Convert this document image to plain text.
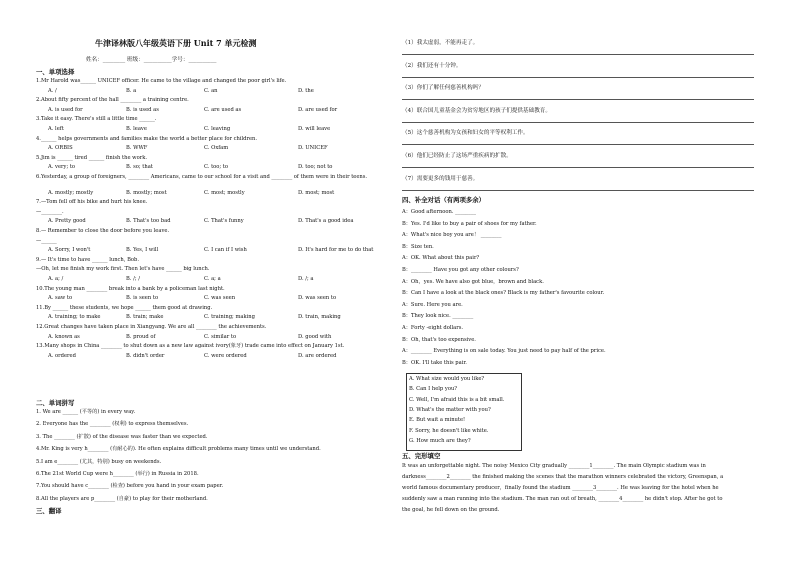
牛津译林版八年级英语下册 Unit 7 单元检测
姓名：________ 班级：__________学号：__________
一、单项选择
1.Mr Harold was______ UNICEF officer. He came to the village and changed the poor girl's life.
A. /	B. a	C. an	D. the
2.About fifty percent of the hall ________ a training centre.
A. is used for	B. is used as	C. are used as	D. are used for
3.Take it easy. There's still a little time ______.
A. left	B. leave	C. leaving	D. will leave
4.______ helps governments and families make the world a better place for children.
A. ORBIS	B. WWF	C. Oxfam	D. UNICEF
5.Jim is ______ tired ______ finish the work.
A. very; to	B. so; that	C. too; to	D. too; not to
6.Yesterday, a group of foreigners, ________ Americans, came to our school for a visit and ________ of them were in their teens.
A. mostly; mostly	B. mostly; most	C. most; mostly	D. most; most
7.—Tom fell off his bike and hurt his knee.
—________.
A. Pretty good	B. That's too bad	C. That's funny	D. That's a good idea
8.— Remember to close the door before you leave.
—______
A. Sorry, I won't	B. Yes, I will	C. I can if I wish	D. It's hard for me to do that
9.— It's time to have ______ lunch, Bob.
—Oh, let me finish my work first. Then let's have ______ big lunch.
A. a; /	B. /; /	C. a; a	D. /; a
10.The young man ________ break into a bank by a policeman last night.
A. saw to	B. is seen to	C. was seen	D. was seen to
11.By ______ these students, we hope ______ them good at drawing.
A. training; to make	B. train; make	C. training; making	D. train, making
12.Great changes have taken place in Xiangyang. We are all ________ the achievements.
A. known as	B. proud of	C. similar to	D. good with
13.Many shops in China ________ to shut down as a new law against ivory(象牙) trade came into effect on January 1st.
A. ordered	B. didn't order	C. were ordered	D. are ordered
二、单词拼写
1. We are ______ (平等的) in every way.
2. Everyone has the ________ (权利) to express themselves.
3. The ________ (扩散) of the disease was faster than we expected.
4.Mr. King is very h________ (有耐心的). He often explains difficult problems many times until we understand.
5.I am e________ (尤其，特别) busy on weekends.
6.The 21st World Cup were h________ (举行) in Russia in 2018.
7.You should have c________ (检查) before you hand in your exam paper.
8.All the players are p________ (自豪) to play for their motherland.
三、翻译
（1）我太虚弱，不能再走了。
（2）我们还有十分钟。
（3）你们了解任何慈善机构吗？
（4）联合国儿童基金会为贫穷地区的孩子们提供基础教育。
（5）这个慈善机构为女孩和妇女的平等权利工作。
（6）他们已经防止了这场严重疾病的扩散。
（7）需要更多的钱用于慈善。
四、补全对话（有两项多余）
A：Good afternoon. ________
B：Yes. I'd like to buy a pair of shoes for my father.
A：What's nice boy you are！ ________
B：Size ten.
A：OK. What about this pair?
B：________ Have you got any other colours?
A：Oh，yes. We have also got blue，brown and black.
B：Can I have a look at the black ones? Black is my father's favourite colour.
A：Sure. Here you are.
B：They look nice. ________
A：Forty -eight dollars.
B：Oh, that's too expensive.
A：________ Everything is on sale today. You just need to pay half of the price.
B：OK. I'll take this pair.
A. What size would you like?
B. Can I help you?
C. Well, I'm afraid this is a bit small.
D. What's the matter with you?
E. But wait a minute!
F. Sorry, he doesn't like white.
G. How much are they?
五、完形填空
It was an unforgettable night. The noisy Mexico City gradually ________1________. The main Olympic stadium was in
darkness________2________ the finished making the scenes that the marathon winners celebrated the victory, Greenspan, a
world famous documentary producer，finally found the stadium ________3________. He was leaving for the hotel when he
suddenly saw a man running into the stadium. The man ran out of breath, ________4________ he didn't stop. After he got to
the goal, he fell down on the ground.
